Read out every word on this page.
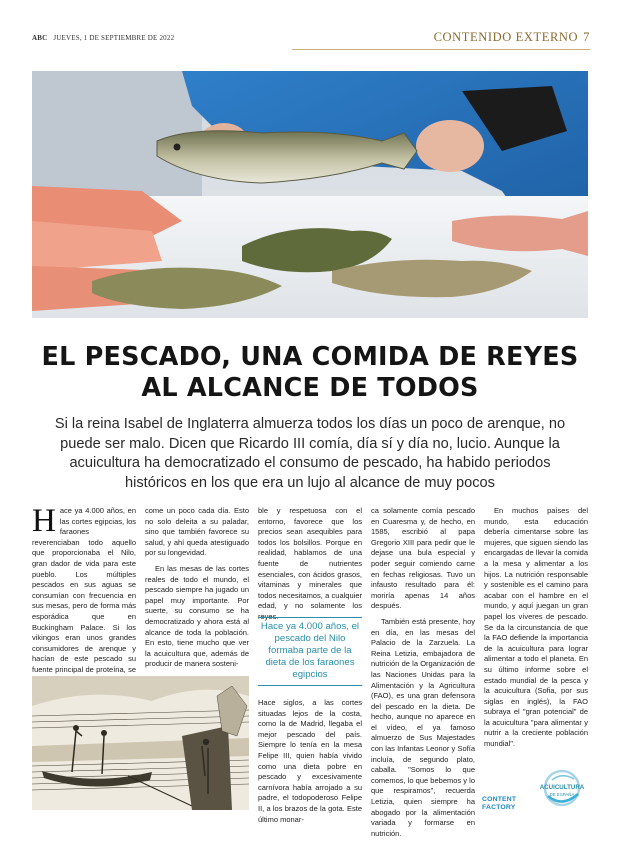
ABC JUEVES, 1 DE SEPTIEMBRE DE 2022	CONTENIDO EXTERNO 7
EL PESCADO, UNA COMIDA DE REYES
AL ALCANCE DE TODOS
Si la reina Isabel de Inglaterra almuerza todos los días un poco de arenque, no puede ser malo. Dicen que Ricardo III comía, día sí y día no, lucio. Aunque la acuicultura ha democratizado el consumo de pescado, ha habido periodos históricos en los que era un lujo al alcance de muy pocos

Hace ya 4.000 años, en las cortes egipcias, los faraones reverenciaban todo aquello que proporcionaba el Nilo, gran dador de vida para este pueblo. Los múltiples pescados en sus aguas se consumían con frecuencia en sus mesas, pero de forma más esporádica que en Buckingham Palace. Si los vikingos eran unos grandes consumidores de arenque y hacían de este pescado su fuente principal de proteína, se

come un poco cada día. Esto no solo deleita a su paladar, sino que también favorece su salud, y ahí queda atestiguado por su longevidad.

En las mesas de las cortes reales de todo el mundo, el pescado siempre ha jugado un papel muy importante. Por suerte, su consumo se ha democratizado y ahora está al alcance de toda la población. En esto, tiene mucho que ver la acuicultura que, además de producir de manera sosteni-

ble y respetuosa con el entorno, favorece que los precios sean asequibles para todos los bolsillos. Porque en realidad, hablamos de una fuente de nutrientes esenciales, con ácidos grasos, vitaminas y minerales que todos necesitamos, a cualquier edad, y no solamente los

Hace ya 4.000 años, el pescado del Nilo formaba parte de la dieta de los faraones egipcios

Hace siglos, a las cortes situadas lejos de la costa, como la de Madrid, llegaba el mejor pescado del país. Siempre lo tenía en la mesa Felipe III, quien había vivido como una dieta pobre en pescado y excesivamente carnívora había arrojado a su padre, el todopoderoso Felipe II, a los brazos de la gota. Este último monar-

ca solamente comía pescado en Cuaresma y, de hecho, en 1585, escribió al papa Gregorio XIII para pedir que le dejase una bula especial y poder seguir comiendo carne en fechas religiosas. Tuvo un infausto resultado para él: moriría apenas 14 años después.

También está presente, hoy en día, en las mesas del Palacio de la Zarzuela. La Reina Letizia, embajadora de nutrición de la Organización de las Naciones Unidas para la Alimentación y la Agricultura (FAO), es una gran defensora del pescado en la dieta. De hecho, aunque no aparece en el vídeo, el ya famoso almuerzo de Sus Majestades con las Infantas Leonor y Sofía incluía, de segundo plato, caballa. "Somos lo que comemos, lo que bebemos y lo que respiramos", recuerda Letizia, quien siempre ha abogado por la alimentación variada y formarse en nutrición.

En muchos países del mundo, esta educación debería cimentarse sobre las mujeres, que siguen siendo las encargadas de llevar la comida a la mesa y alimentar a los hijos. La nutrición responsable y sostenible es el camino para acabar con el hambre en el mundo, y aquí juegan un gran papel los víveres de pescado. Se da la circunstancia de que la FAO defiende la importancia de la acuicultura para lograr alimentar a todo el planeta. En su último informe sobre el estado mundial de la pesca y la acuicultura (Sofia, por sus siglas en inglés), la FAO subraya el "gran potencial" de la acuicultura "para alimentar y nutrir a la creciente población mundial".

CONTENT
FACTORY
ACUICULTURA
DE ESPAÑA
